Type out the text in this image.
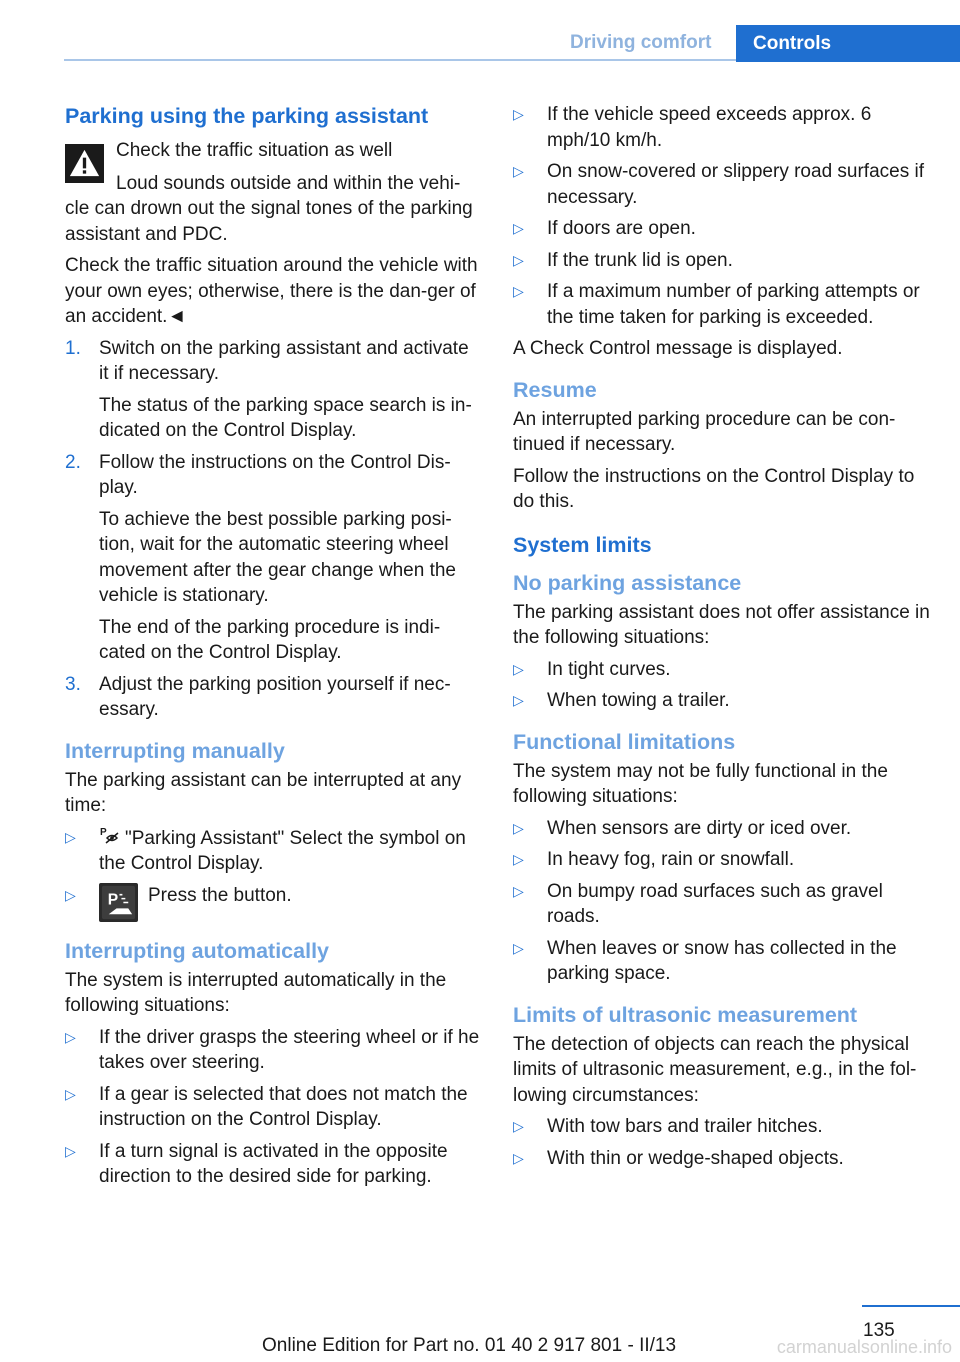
Driving comfort	Controls
Parking using the parking assistant
Check the traffic situation as well

Loud sounds outside and within the vehi-cle can drown out the signal tones of the parking assistant and PDC.

Check the traffic situation around the vehicle with your own eyes; otherwise, there is the dan-ger of an accident.◄

1. Switch on the parking assistant and activate it if necessary.
The status of the parking space search is in-dicated on the Control Display.
2. Follow the instructions on the Control Dis-play.
To achieve the best possible parking posi-tion, wait for the automatic steering wheel movement after the gear change when the vehicle is stationary.
The end of the parking procedure is indi-cated on the Control Display.
3. Adjust the parking position yourself if nec-essary.
Interrupting manually

The parking assistant can be interrupted at any time:

▷ P "Parking Assistant" Select the symbol on the Control Display.
▷ P Press the button.
Interrupting automatically

The system is interrupted automatically in the following situations:

▷ If the driver grasps the steering wheel or if he takes over steering.
▷ If a gear is selected that does not match the instruction on the Control Display.
▷ If a turn signal is activated in the opposite direction to the desired side for parking.
▷ If the vehicle speed exceeds approx. 6 mph/10 km/h.
▷ On snow-covered or slippery road surfaces if necessary.
▷ If doors are open.
▷ If the trunk lid is open.
▷ If a maximum number of parking attempts or the time taken for parking is exceeded.

A Check Control message is displayed.

Resume

An interrupted parking procedure can be con-tinued if necessary.

Follow the instructions on the Control Display to do this.

System limits
No parking assistance

The parking assistant does not offer assistance in the following situations:

▷ In tight curves.
▷ When towing a trailer.
Functional limitations

The system may not be fully functional in the following situations:

▷ When sensors are dirty or iced over.
▷ In heavy fog, rain or snowfall.
▷ On bumpy road surfaces such as gravel roads.
▷ When leaves or snow has collected in the parking space.
Limits of ultrasonic measurement

The detection of objects can reach the physical limits of ultrasonic measurement, e.g., in the fol-lowing circumstances:

▷ With tow bars and trailer hitches.
▷ With thin or wedge-shaped objects.
135
Online Edition for Part no. 01 40 2 917 801 - II/13	carmanualsonline.info
